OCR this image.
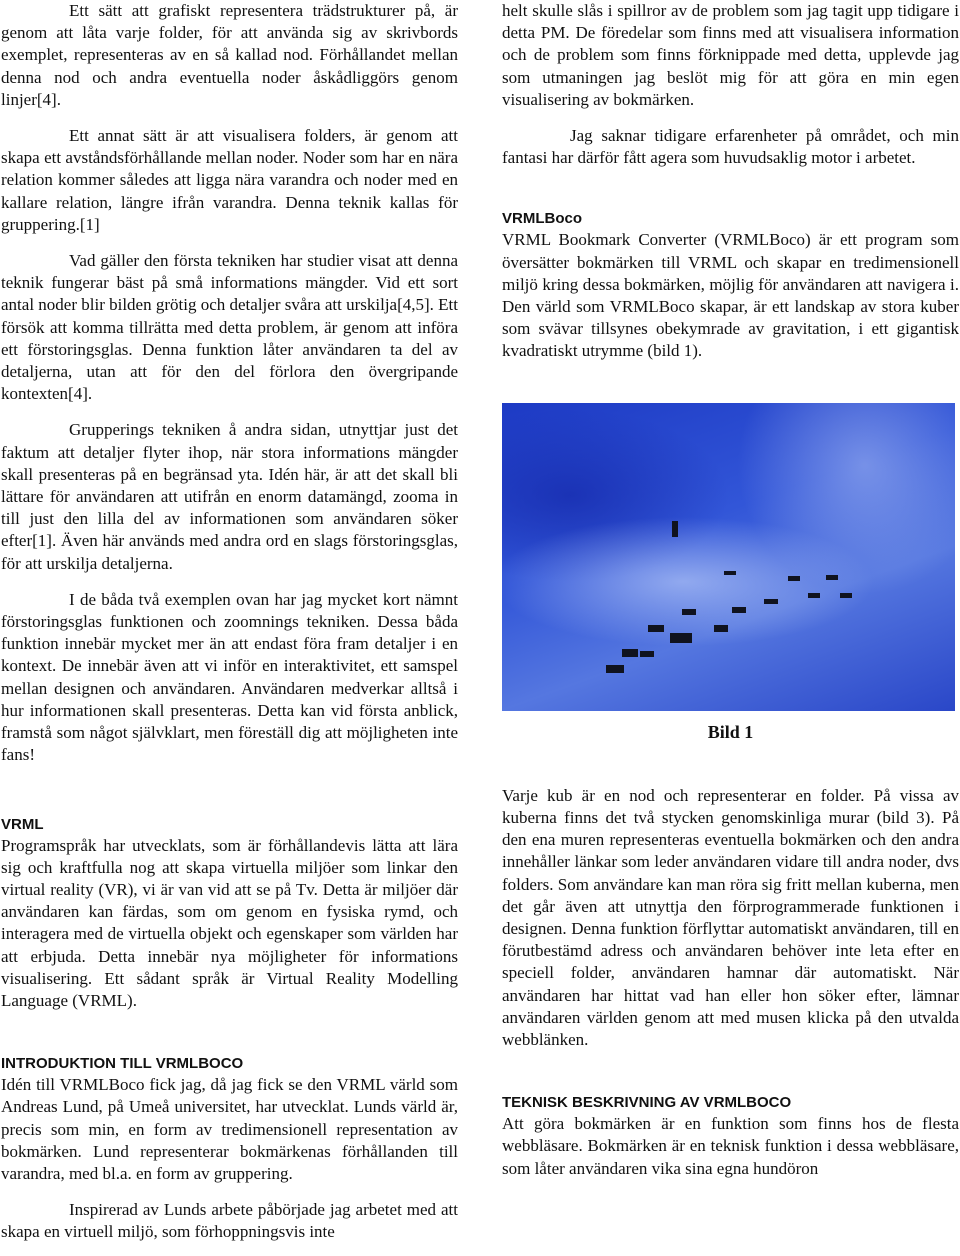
Ett sätt att grafiskt representera trädstrukturer på, är genom att låta varje folder, för att använda sig av skrivbords exemplet, representeras av en så kallad nod. Förhållandet mellan denna nod och andra eventuella noder åskådliggörs genom linjer[4].

Ett annat sätt är att visualisera folders, är genom att skapa ett avståndsförhållande mellan noder. Noder som har en nära relation kommer således att ligga nära varandra och noder med en kallare relation, längre ifrån varandra. Denna teknik kallas för gruppering.[1]

Vad gäller den första tekniken har studier visat att denna teknik fungerar bäst på små informations mängder. Vid ett sort antal noder blir bilden grötig och detaljer svåra att urskilja[4,5]. Ett försök att komma tillrätta med detta problem, är genom att införa ett förstoringsglas. Denna funktion låter användaren ta del av detaljerna, utan att för den del förlora den övergripande kontexten[4].

Grupperings tekniken å andra sidan, utnyttjar just det faktum att detaljer flyter ihop, när stora informations mängder skall presenteras på en begränsad yta. Idén här, är att det skall bli lättare för användaren att utifrån en enorm datamängd, zooma in till just den lilla del av informationen som användaren söker efter[1]. Även här används med andra ord en slags förstoringsglas, för att urskilja detaljerna.

I de båda två exemplen ovan har jag mycket kort nämnt förstoringsglas funktionen och zoomnings tekniken. Dessa båda funktion innebär mycket mer än att endast föra fram detaljer i en kontext. De innebär även att vi inför en interaktivitet, ett samspel mellan designen och användaren. Användaren medverkar alltså i hur informationen skall presenteras. Detta kan vid första anblick, framstå som något självklart, men föreställ dig att möjligheten inte fans!

VRML

Programspråk har utvecklats, som är förhållandevis lätta att lära sig och kraftfulla nog att skapa virtuella miljöer som linkar den virtual reality (VR), vi är van vid att se på Tv. Detta är miljöer där användaren kan färdas, som om genom en fysiska rymd, och interagera med de virtuella objekt och egenskaper som världen har att erbjuda. Detta innebär nya möjligheter för informations visualisering. Ett sådant språk är Virtual Reality Modelling Language (VRML).

INTRODUKTION TILL VRMLBOCO

Idén till VRMLBoco fick jag, då jag fick se den VRML värld som Andreas Lund, på Umeå universitet, har utvecklat. Lunds värld är, precis som min, en form av tredimensionell representation av bokmärken. Lund representerar bokmärkenas förhållanden till varandra, med bl.a. en form av gruppering.

Inspirerad av Lunds arbete påbörjade jag arbetet med att skapa en virtuell miljö, som förhoppningsvis inte

helt skulle slås i spillror av de problem som jag tagit upp tidigare i detta PM. De föredelar som finns med att visualisera information och de problem som finns förknippade med detta, upplevde jag som utmaningen jag beslöt mig för att göra en min egen visualisering av bokmärken.

Jag saknar tidigare erfarenheter på området, och min fantasi har därför fått agera som huvudsaklig motor i arbetet.

VRMLBoco

VRML Bookmark Converter (VRMLBoco) är ett program som översätter bokmärken till VRML och skapar en tredimensionell miljö kring dessa bokmärken, möjlig för användaren att navigera i. Den värld som VRMLBoco skapar, är ett landskap av stora kuber som svävar tillsynes obekymrade av gravitation, i ett gigantisk kvadratiskt utrymme (bild 1).

Bild 1

Varje kub är en nod och representerar en folder. På vissa av kuberna finns det två stycken genomskinliga murar (bild 3). På den ena muren representeras eventuella bokmärken och den andra innehåller länkar som leder användaren vidare till andra noder, dvs folders. Som användare kan man röra sig fritt mellan kuberna, men det går även att utnyttja den förprogrammerade funktionen i designen. Denna funktion förflyttar automatiskt användaren, till en förutbestämd adress och användaren behöver inte leta efter en speciell folder, användaren hamnar där automatiskt. När användaren har hittat vad han eller hon söker efter, lämnar användaren världen genom att med musen klicka på den utvalda webblänken.

TEKNISK BESKRIVNING AV VRMLBOCO

Att göra bokmärken är en funktion som finns hos de flesta webbläsare. Bokmärken är en teknisk funktion i dessa webbläsare, som låter användaren vika sina egna hundöron
